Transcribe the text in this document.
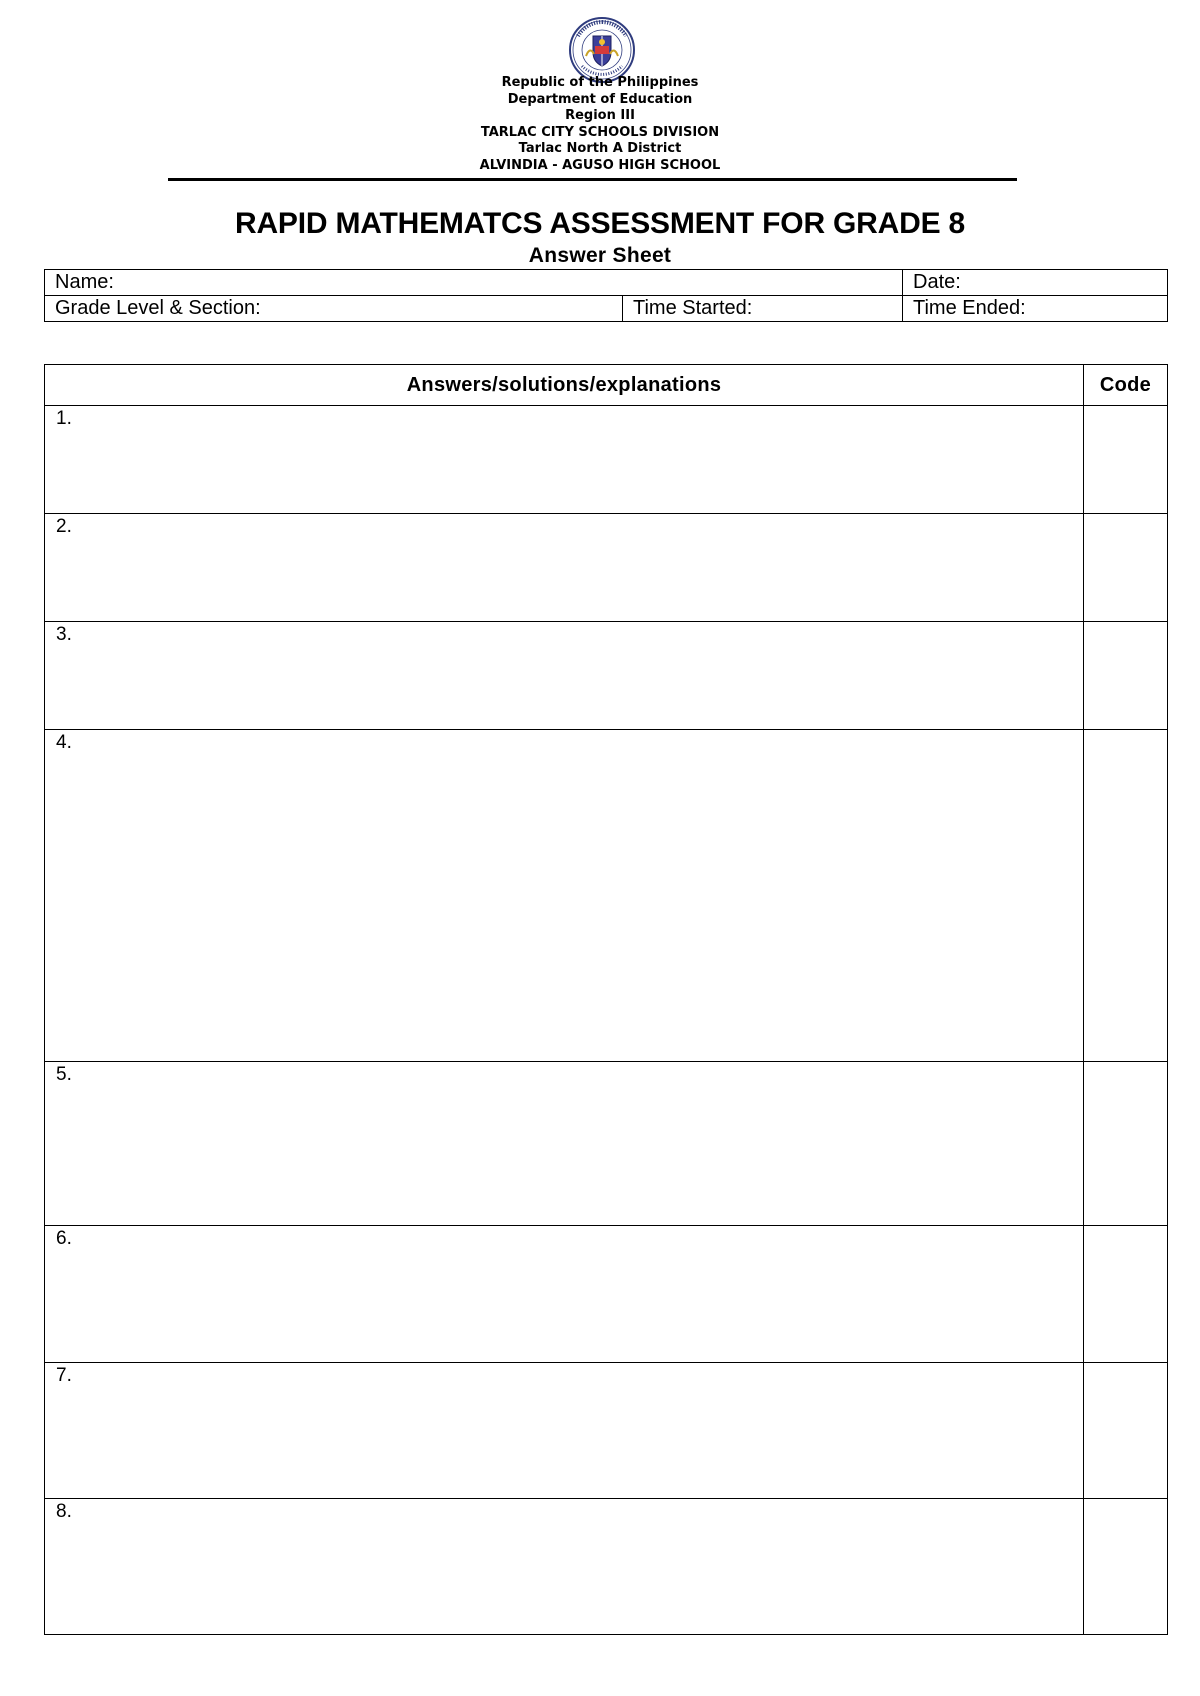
Republic of the Philippines
Department of Education
Region III
TARLAC CITY SCHOOLS DIVISION
Tarlac North A District
ALVINDIA - AGUSO HIGH SCHOOL
RAPID MATHEMATCS ASSESSMENT FOR GRADE 8
Answer Sheet
Name:		Date:
Grade Level & Section:	Time Started:	Time Ended:
Answers/solutions/explanations	Code
1.	
2.	
3.	
4.	
5.	
6.	
7.	
8.	
